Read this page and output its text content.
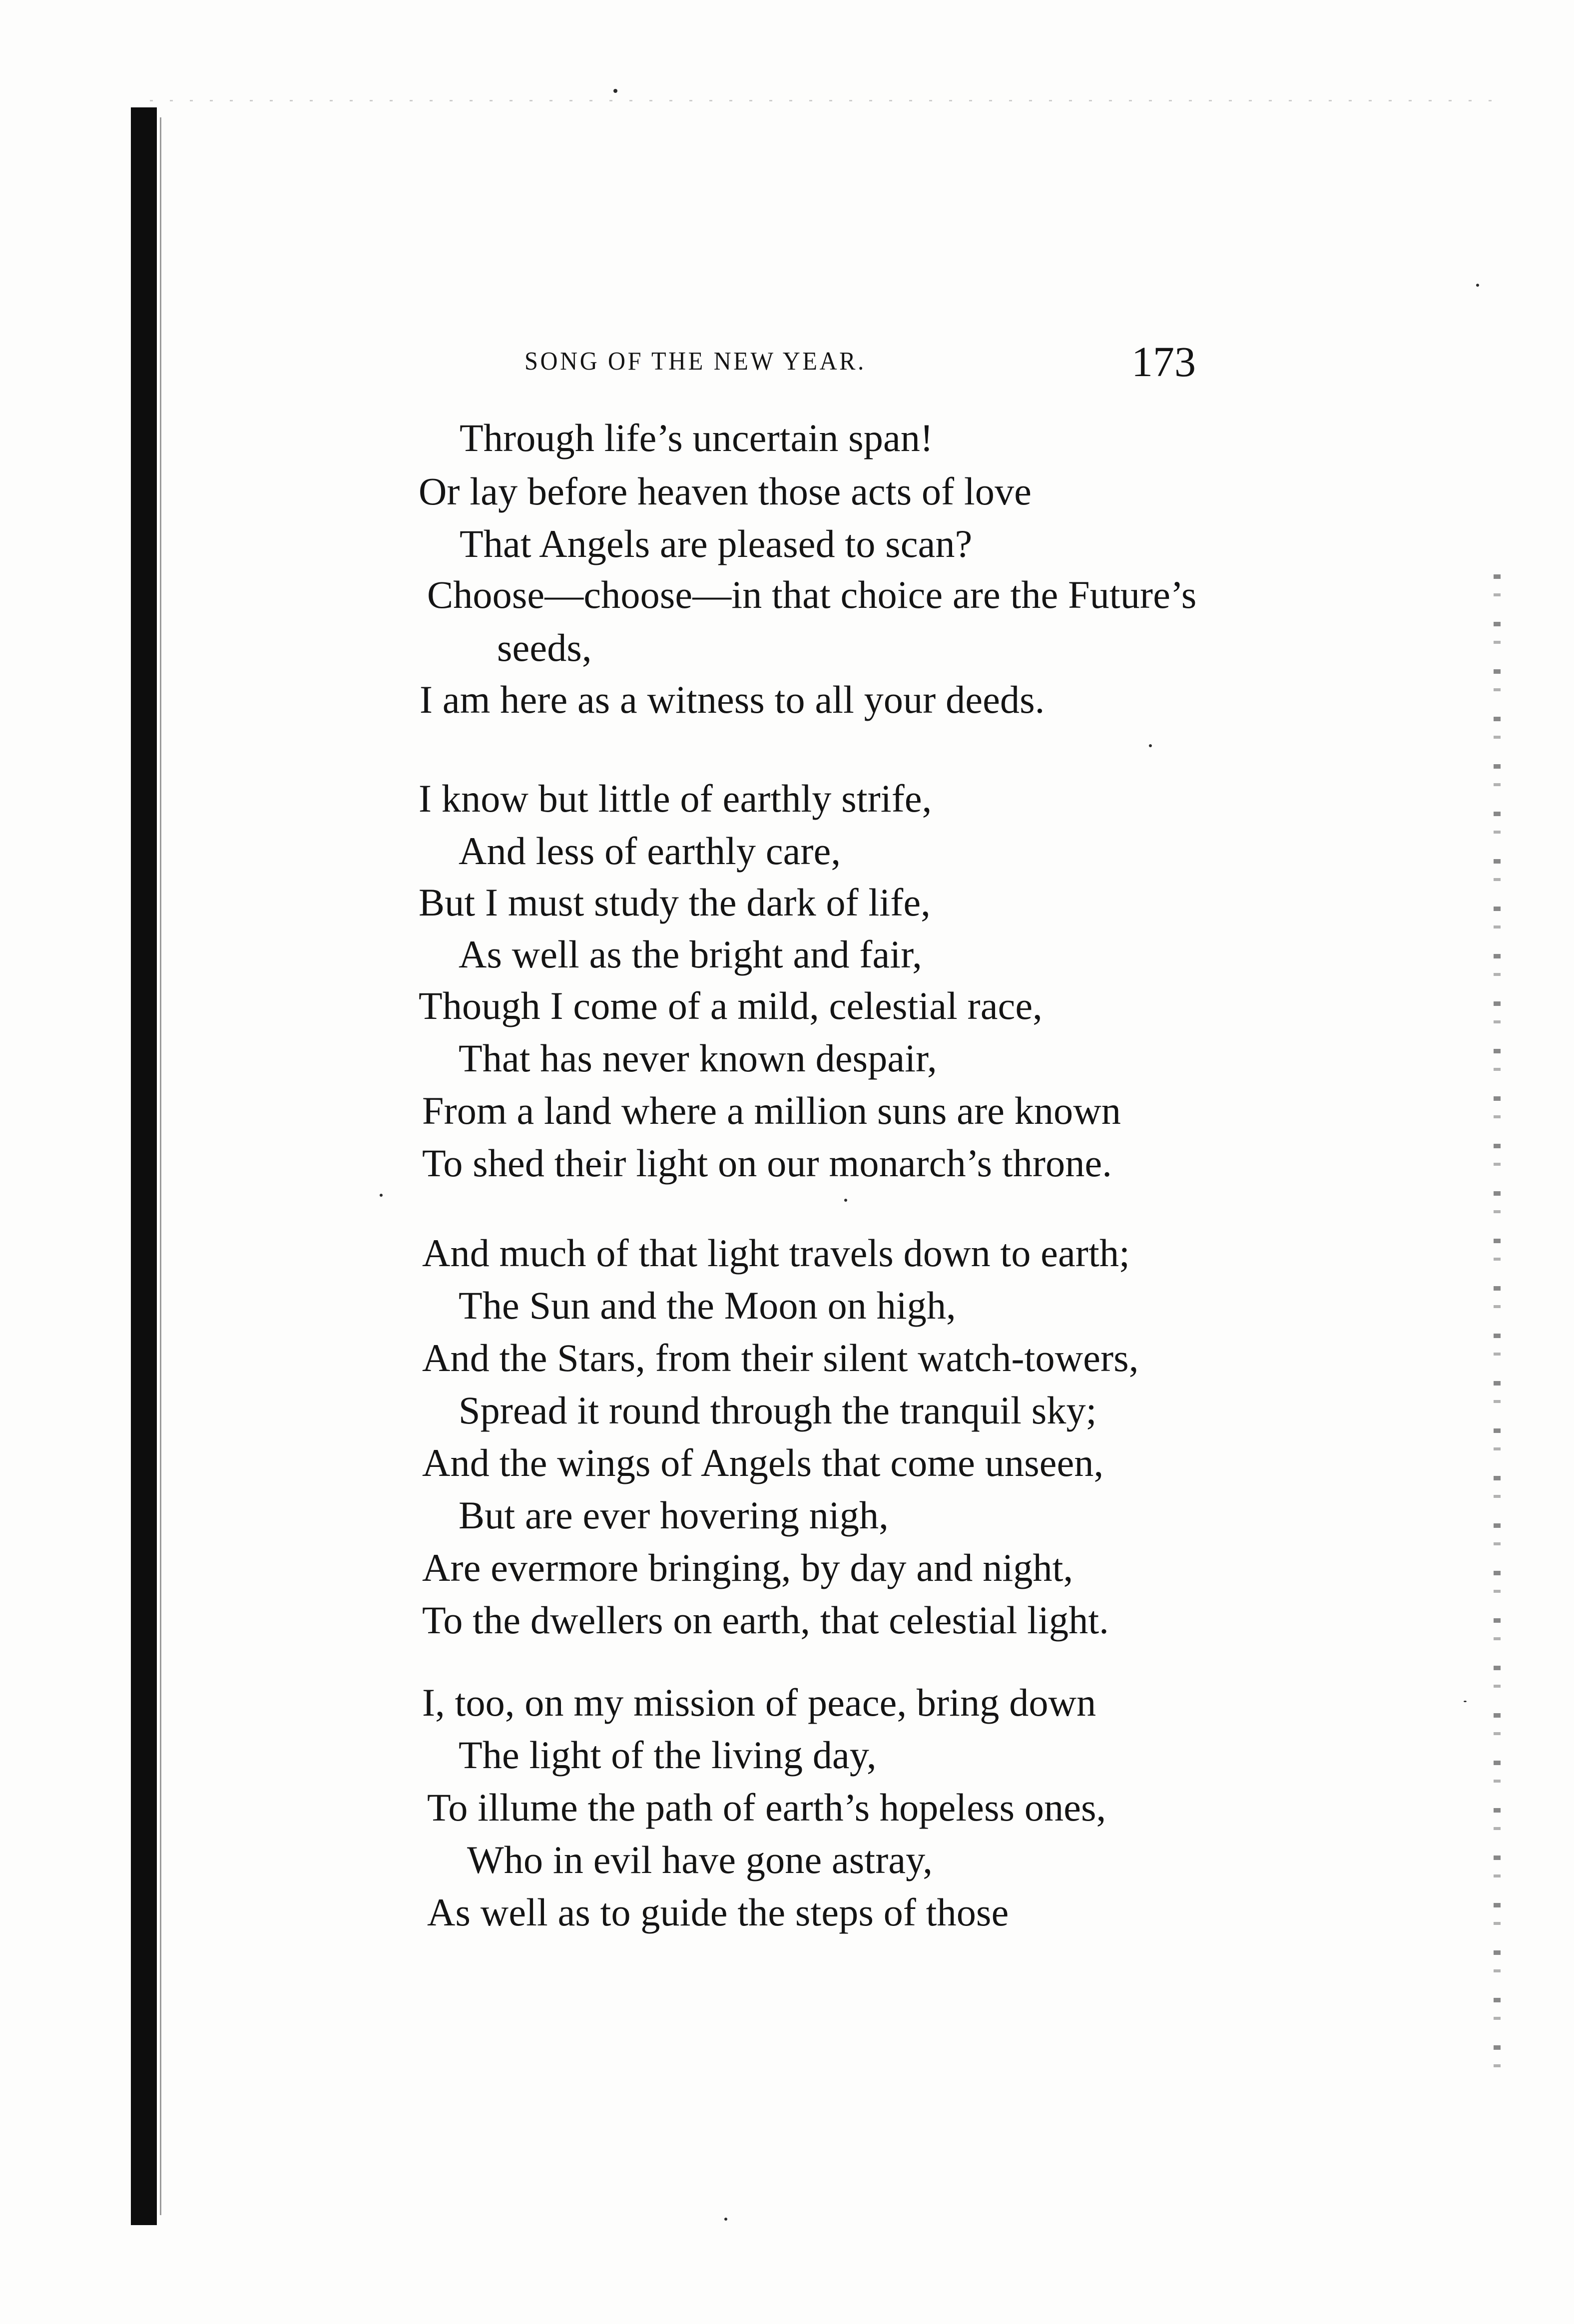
SONG OF THE NEW YEAR.	173
Through life’s uncertain span!
Or lay before heaven those acts of love
That Angels are pleased to scan?
Choose—choose—in that choice are the Future’s
seeds,
I am here as a witness to all your deeds.
I know but little of earthly strife,
And less of earthly care,
But I must study the dark of life,
As well as the bright and fair,
Though I come of a mild, celestial race,
That has never known despair,
From a land where a million suns are known
To shed their light on our monarch’s throne.
And much of that light travels down to earth;
The Sun and the Moon on high,
And the Stars, from their silent watch-towers,
Spread it round through the tranquil sky;
And the wings of Angels that come unseen,
But are ever hovering nigh,
Are evermore bringing, by day and night,
To the dwellers on earth, that celestial light.
I, too, on my mission of peace, bring down
The light of the living day,
To illume the path of earth’s hopeless ones,
Who in evil have gone astray,
As well as to guide the steps of those
